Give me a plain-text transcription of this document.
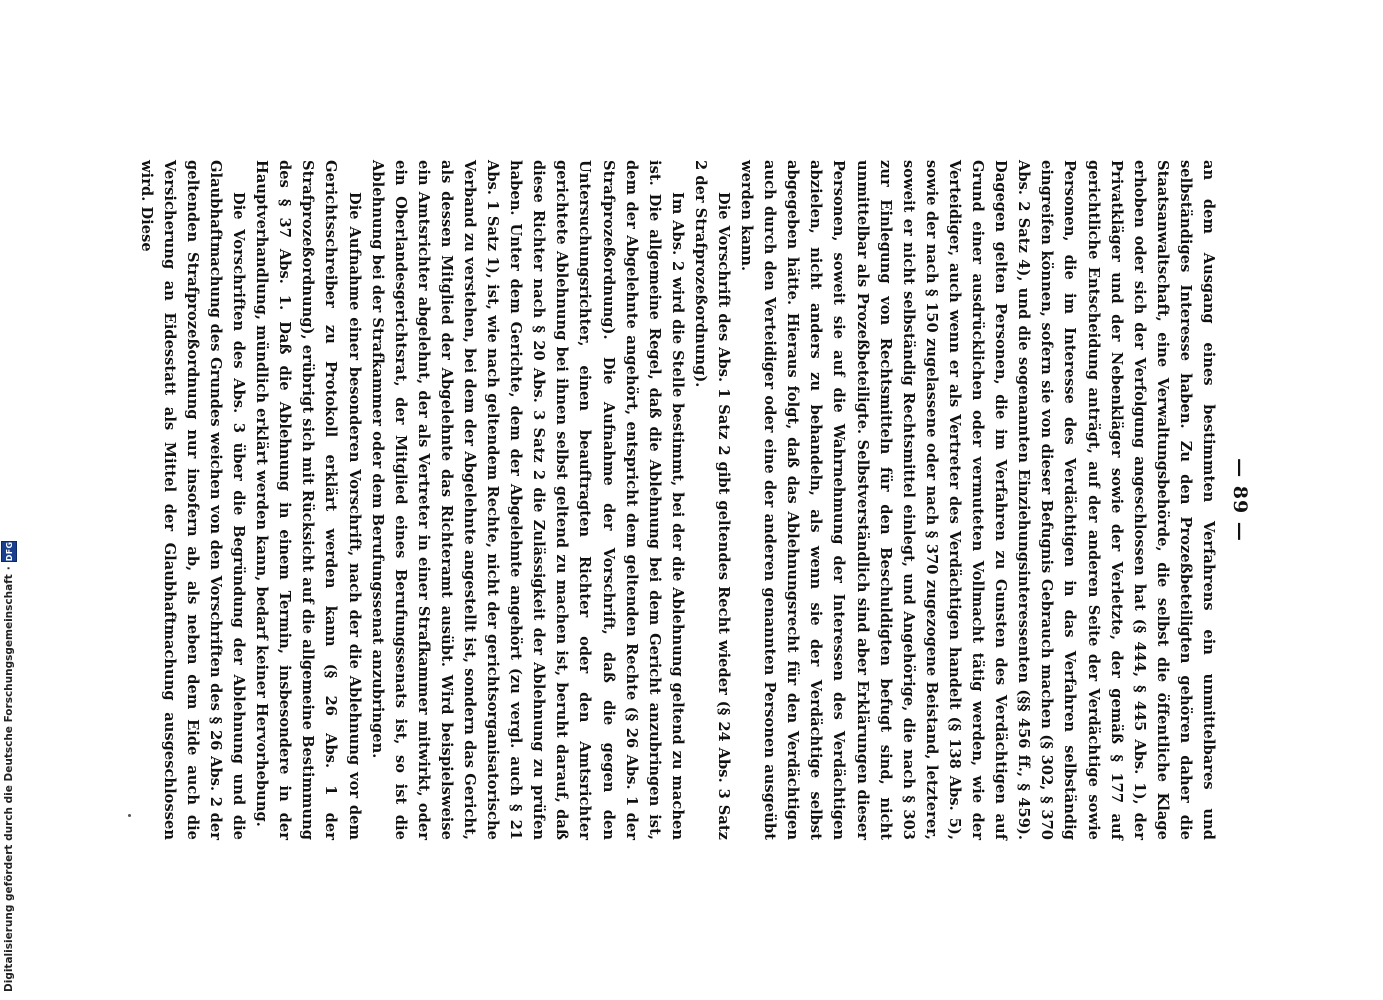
— 89 —

an dem Ausgang eines bestimmten Verfahrens ein unmittelbares und selbständiges Interesse haben. Zu den Prozeßbeteiligten gehören daher die Staatsanwaltschaft, eine Verwaltungsbehörde, die selbst die öffentliche Klage erhoben oder sich der Verfolgung angeschlossen hat (§ 444, § 445 Abs. 1), der Privatkläger und der Nebenkläger sowie der Verletzte, der gemäß § 177 auf gerichtliche Entscheidung anträgt, auf der anderen Seite der Verdächtige sowie Personen, die im Interesse des Verdächtigen in das Verfahren selbständig eingreifen können, sofern sie von dieser Befugnis Gebrauch machen (§ 302, § 370 Abs. 2 Satz 4), und die sogenannten Einziehungsinteressenten (§§ 456 ff., § 459). Dagegen gelten Personen, die im Verfahren zu Gunsten des Verdächtigen auf Grund einer ausdrücklichen oder vermuteten Vollmacht tätig werden, wie der Verteidiger, auch wenn er als Vertreter des Verdächtigen handelt (§ 138 Abs. 5), sowie der nach § 150 zugelassene oder nach § 370 zugezogene Beistand, letzterer, soweit er nicht selbständig Rechtsmittel einlegt, und Angehörige, die nach § 303 zur Einlegung von Rechtsmitteln für den Beschuldigten befugt sind, nicht unmittelbar als Prozeßbeteiligte. Selbstverständlich sind aber Erklärungen dieser Personen, soweit sie auf die Wahrnehmung der Interessen des Verdächtigen abzielen, nicht anders zu behandeln, als wenn sie der Verdächtige selbst abgegeben hätte. Hieraus folgt, daß das Ablehnungsrecht für den Verdächtigen auch durch den Verteidiger oder eine der anderen genannten Personen ausgeübt werden kann.

Die Vorschrift des Abs. 1 Satz 2 gibt geltendes Recht wieder (§ 24 Abs. 3 Satz 2 der Strafprozeßordnung).

Im Abs. 2 wird die Stelle bestimmt, bei der die Ablehnung geltend zu machen ist. Die allgemeine Regel, daß die Ablehnung bei dem Gericht anzubringen ist, dem der Abgelehnte angehört, entspricht dem geltenden Rechte (§ 26 Abs. 1 der Strafprozeßordnung). Die Aufnahme der Vorschrift, daß die gegen den Untersuchungsrichter, einen beauftragten Richter oder den Amtsrichter gerichtete Ablehnung bei ihnen selbst geltend zu machen ist, beruht darauf, daß diese Richter nach § 20 Abs. 3 Satz 2 die Zulässigkeit der Ablehnung zu prüfen haben. Unter dem Gerichte, dem der Abgelehnte angehört (zu vergl. auch § 21 Abs. 1 Satz 1), ist, wie nach geltendem Rechte, nicht der gerichtsorganisatorische Verband zu verstehen, bei dem der Abgelehnte angestellt ist, sondern das Gericht, als dessen Mitglied der Abgelehnte das Richteramt ausübt. Wird beispielsweise ein Amtsrichter abgelehnt, der als Vertreter in einer Strafkammer mitwirkt, oder ein Oberlandesgerichtsrat, der Mitglied eines Berufungssenats ist, so ist die Ablehnung bei der Strafkammer oder dem Berufungssenat anzubringen.

Die Aufnahme einer besonderen Vorschrift, nach der die Ablehnung vor dem Gerichtsschreiber zu Protokoll erklärt werden kann (§ 26 Abs. 1 der Strafprozeßordnung), erübrigt sich mit Rücksicht auf die allgemeine Bestimmung des § 37 Abs. 1. Daß die Ablehnung in einem Termin, insbesondere in der Hauptverhandlung, mündlich erklärt werden kann, bedarf keiner Hervorhebung.

Die Vorschriften des Abs. 3 über die Begründung der Ablehnung und die Glaubhaftmachung des Grundes weichen von den Vorschriften des § 26 Abs. 2 der geltenden Strafprozeßordnung nur insofern ab, als neben dem Eide auch die Versicherung an Eidesstatt als Mittel der Glaubhaftmachung ausgeschlossen wird. Diese

Digitalisierung gefördert durch die Deutsche Forschungsgemeinschaft
·
DFG
